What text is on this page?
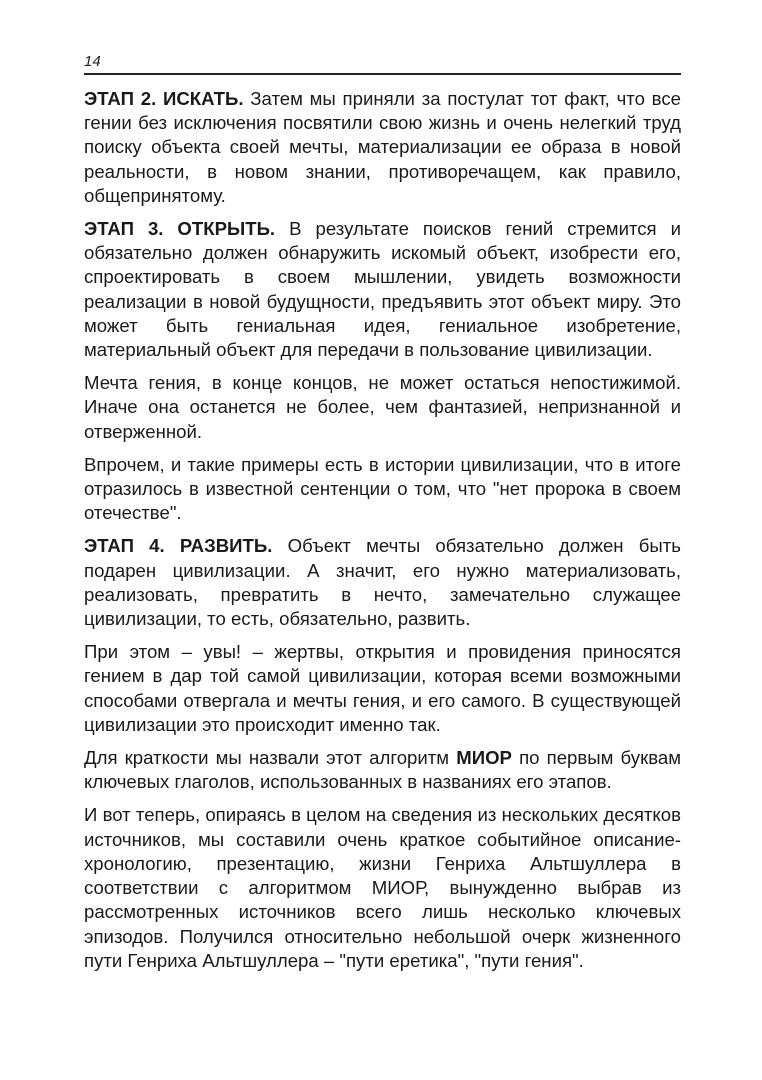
14

ЭТАП 2. ИСКАТЬ. Затем мы приняли за постулат тот факт, что все гении без исключения посвятили свою жизнь и очень нелегкий труд поиску объекта своей мечты, материализации ее образа в новой реальности, в новом знании, противоречащем, как правило, общепринятому.

ЭТАП 3. ОТКРЫТЬ. В результате поисков гений стремится и обязательно должен обнаружить искомый объект, изобрести его, спроектировать в своем мышлении, увидеть возможности реализации в новой будущности, предъявить этот объект миру. Это может быть гениальная идея, гениальное изобретение, материальный объект для передачи в пользование цивилизации.

Мечта гения, в конце концов, не может остаться непостижимой. Иначе она останется не более, чем фантазией, непризнанной и отверженной.

Впрочем, и такие примеры есть в истории цивилизации, что в итоге отразилось в известной сентенции о том, что "нет пророка в своем отечестве".

ЭТАП 4. РАЗВИТЬ. Объект мечты обязательно должен быть подарен цивилизации. А значит, его нужно материализовать, реализовать, превратить в нечто, замечательно служащее цивилизации, то есть, обязательно, развить.

При этом – увы! – жертвы, открытия и провидения приносятся гением в дар той самой цивилизации, которая всеми возможными способами отвергала и мечты гения, и его самого. В существующей цивилизации это происходит именно так.

Для краткости мы назвали этот алгоритм МИОР по первым буквам ключевых глаголов, использованных в названиях его этапов.

И вот теперь, опираясь в целом на сведения из нескольких десятков источников, мы составили очень краткое событийное описание-хронологию, презентацию, жизни Генриха Альтшуллера в соответствии с алгоритмом МИОР, вынужденно выбрав из рассмотренных источников всего лишь несколько ключевых эпизодов. Получился относительно небольшой очерк жизненного пути Генриха Альтшуллера – "пути еретика", "пути гения".
